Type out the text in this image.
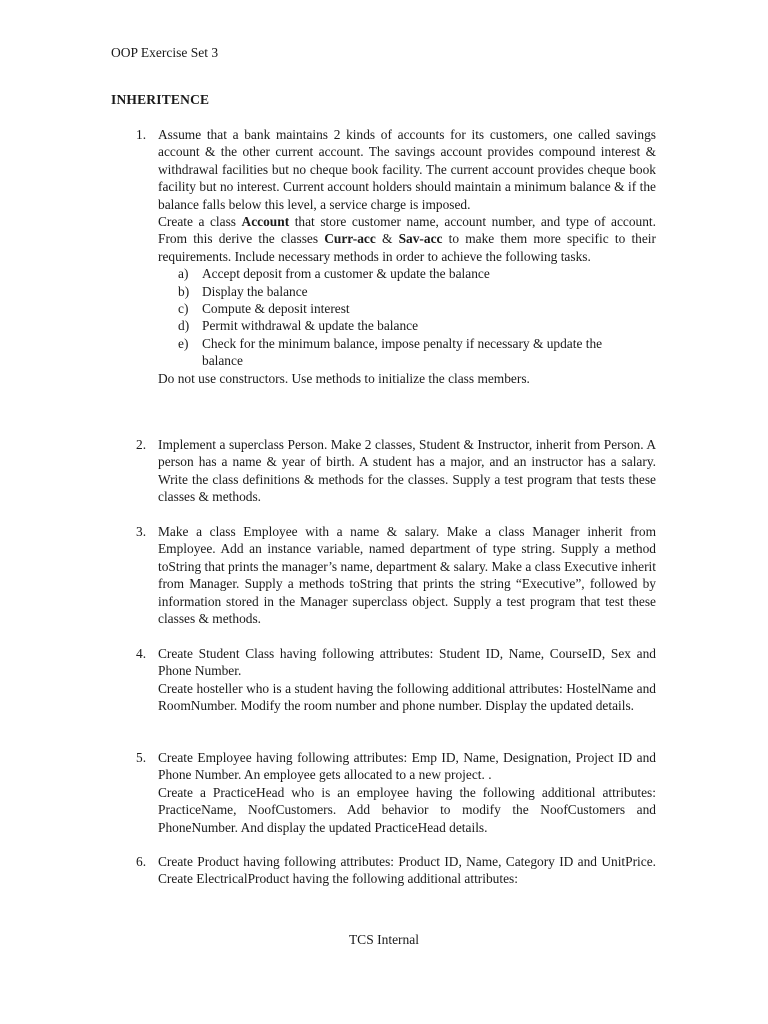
OOP Exercise Set 3
INHERITENCE
1. Assume that a bank maintains 2 kinds of accounts for its customers, one called savings account & the other current account. The savings account provides compound interest & withdrawal facilities but no cheque book facility. The current account provides cheque book facility but no interest. Current account holders should maintain a minimum balance & if the balance falls below this level, a service charge is imposed.

Create a class Account that store customer name, account number, and type of account. From this derive the classes Curr-acc & Sav-acc to make them more specific to their requirements. Include necessary methods in order to achieve the following tasks.

a) Accept deposit from a customer & update the balance
b) Display the balance
c) Compute & deposit interest
d) Permit withdrawal & update the balance
e) Check for the minimum balance, impose penalty if necessary & update the balance

Do not use constructors. Use methods to initialize the class members.

2. Implement a superclass Person. Make 2 classes, Student & Instructor, inherit from Person. A person has a name & year of birth. A student has a major, and an instructor has a salary. Write the class definitions & methods for the classes. Supply a test program that tests these classes & methods.

3. Make a class Employee with a name & salary. Make a class Manager inherit from Employee. Add an instance variable, named department of type string. Supply a method toString that prints the manager’s name, department & salary. Make a class Executive inherit from Manager. Supply a methods toString that prints the string “Executive”, followed by information stored in the Manager superclass object. Supply a test program that test these classes & methods.

4. Create Student Class having following attributes: Student ID, Name, CourseID, Sex and Phone Number.

Create hosteller who is a student having the following additional attributes: HostelName and RoomNumber. Modify the room number and phone number. Display the updated details.

5. Create Employee having following attributes: Emp ID, Name, Designation, Project ID and Phone Number. An employee gets allocated to a new project. .

Create a PracticeHead who is an employee having the following additional attributes: PracticeName, NoofCustomers. Add behavior to modify the NoofCustomers and PhoneNumber. And display the updated PracticeHead details.

6. Create Product having following attributes: Product ID, Name, Category ID and UnitPrice. Create ElectricalProduct having the following additional attributes:

TCS Internal
